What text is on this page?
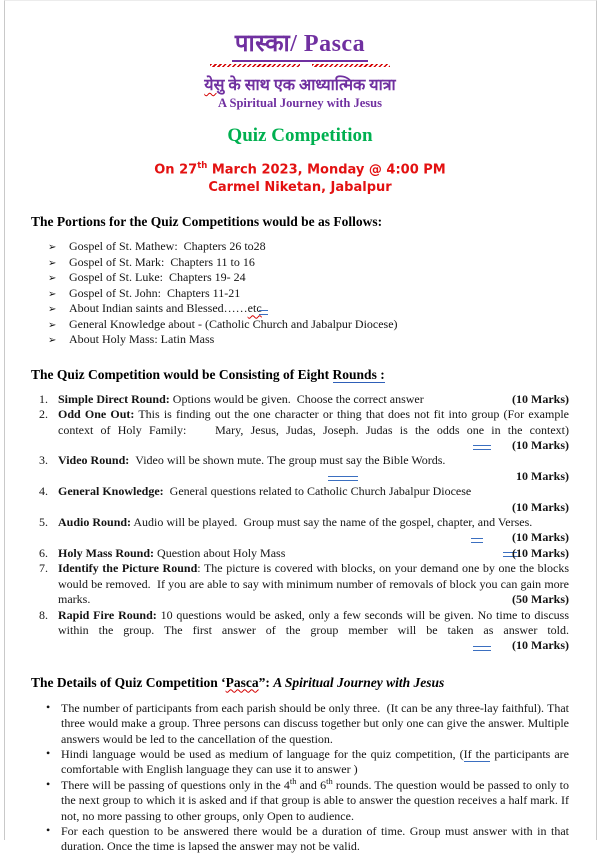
पास्का/ Pasca
येसु के साथ एक आध्यात्मिक यात्रा
A Spiritual Journey with Jesus
Quiz Competition
On 27th March 2023, Monday @ 4:00 PM
Carmel Niketan, Jabalpur
The Portions for the Quiz Competitions would be as Follows:
➢ Gospel of St. Mathew:  Chapters 26 to28
➢ Gospel of St. Mark:  Chapters 11 to 16
➢ Gospel of St. Luke:  Chapters 19- 24
➢ Gospel of St. John:  Chapters 11-21
➢ About Indian saints and Blessed……etc
➢ General Knowledge about - (Catholic Church and Jabalpur Diocese)
➢ About Holy Mass: Latin Mass
The Quiz Competition would be Consisting of Eight Rounds :
1. Simple Direct Round: Options would be given.  Choose the correct answer	(10 Marks)
2. Odd One Out: This is finding out the one character or thing that does not fit into group (For example context of Holy Family:    Mary, Jesus, Judas, Joseph. Judas is the odds one in the context)
(10 Marks)
3. Video Round:  Video will be shown mute. The group must say the Bible Words.
10 Marks)
4. General Knowledge:  General questions related to Catholic Church Jabalpur Diocese
(10 Marks)
5. Audio Round: Audio will be played.  Group must say the name of the gospel, chapter, and Verses.
(10 Marks)
6. Holy Mass Round: Question about Holy Mass	(10 Marks)
7. Identify the Picture Round: The picture is covered with blocks, on your demand one by one the blocks would be removed.  If you are able to say with minimum number of removals of block you can gain more marks.	(50 Marks)
8. Rapid Fire Round: 10 questions would be asked, only a few seconds will be given. No time to discuss within the group. The first answer of the group member will be taken as answer told.
(10 Marks)
The Details of Quiz Competition ‘Pasca”: A Spiritual Journey with Jesus
• The number of participants from each parish should be only three.  (It can be any three-lay faithful). That three would make a group. Three persons can discuss together but only one can give the answer. Multiple answers would be led to the cancellation of the question.
• Hindi language would be used as medium of language for the quiz competition, (If the participants are comfortable with English language they can use it to answer )
• There will be passing of questions only in the 4th and 6th rounds. The question would be passed to only to the next group to which it is asked and if that group is able to answer the question receives a half mark. If not, no more passing to other groups, only Open to audience.
• For each question to be answered there would be a duration of time. Group must answer with in that duration. Once the time is lapsed the answer may not be valid.
